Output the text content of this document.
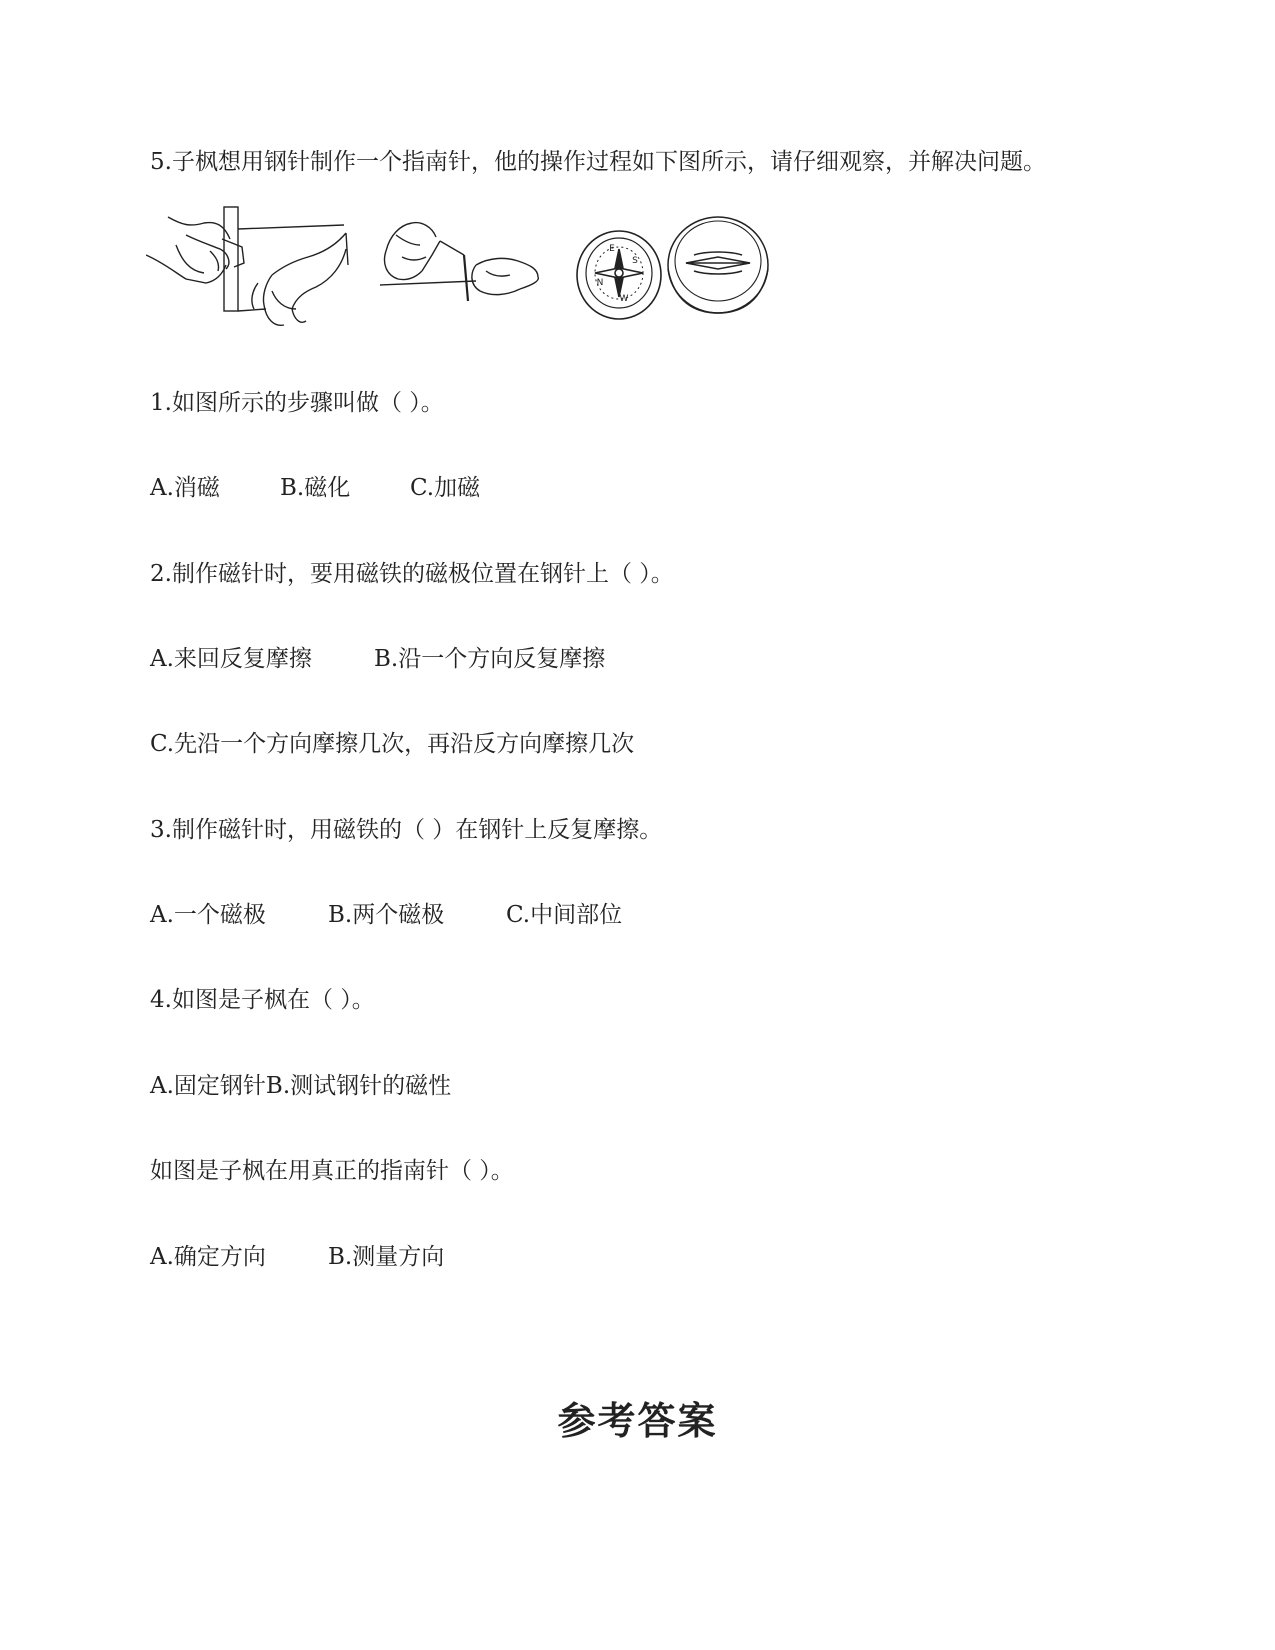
5.子枫想用钢针制作一个指南针，他的操作过程如下图所示，请仔细观察，并解决问题。
E
S
W
N
1.如图所示的步骤叫做（ ）。
A.消磁	B.磁化	C.加磁
2.制作磁针时，要用磁铁的磁极位置在钢针上（ ）。
A.来回反复摩擦	B.沿一个方向反复摩擦
C.先沿一个方向摩擦几次，再沿反方向摩擦几次
3.制作磁针时，用磁铁的（ ）在钢针上反复摩擦。
A.一个磁极	B.两个磁极	C.中间部位
4.如图是子枫在（ ）。
A.固定钢针B.测试钢针的磁性
如图是子枫在用真正的指南针（ ）。
A.确定方向	B.测量方向
参考答案
